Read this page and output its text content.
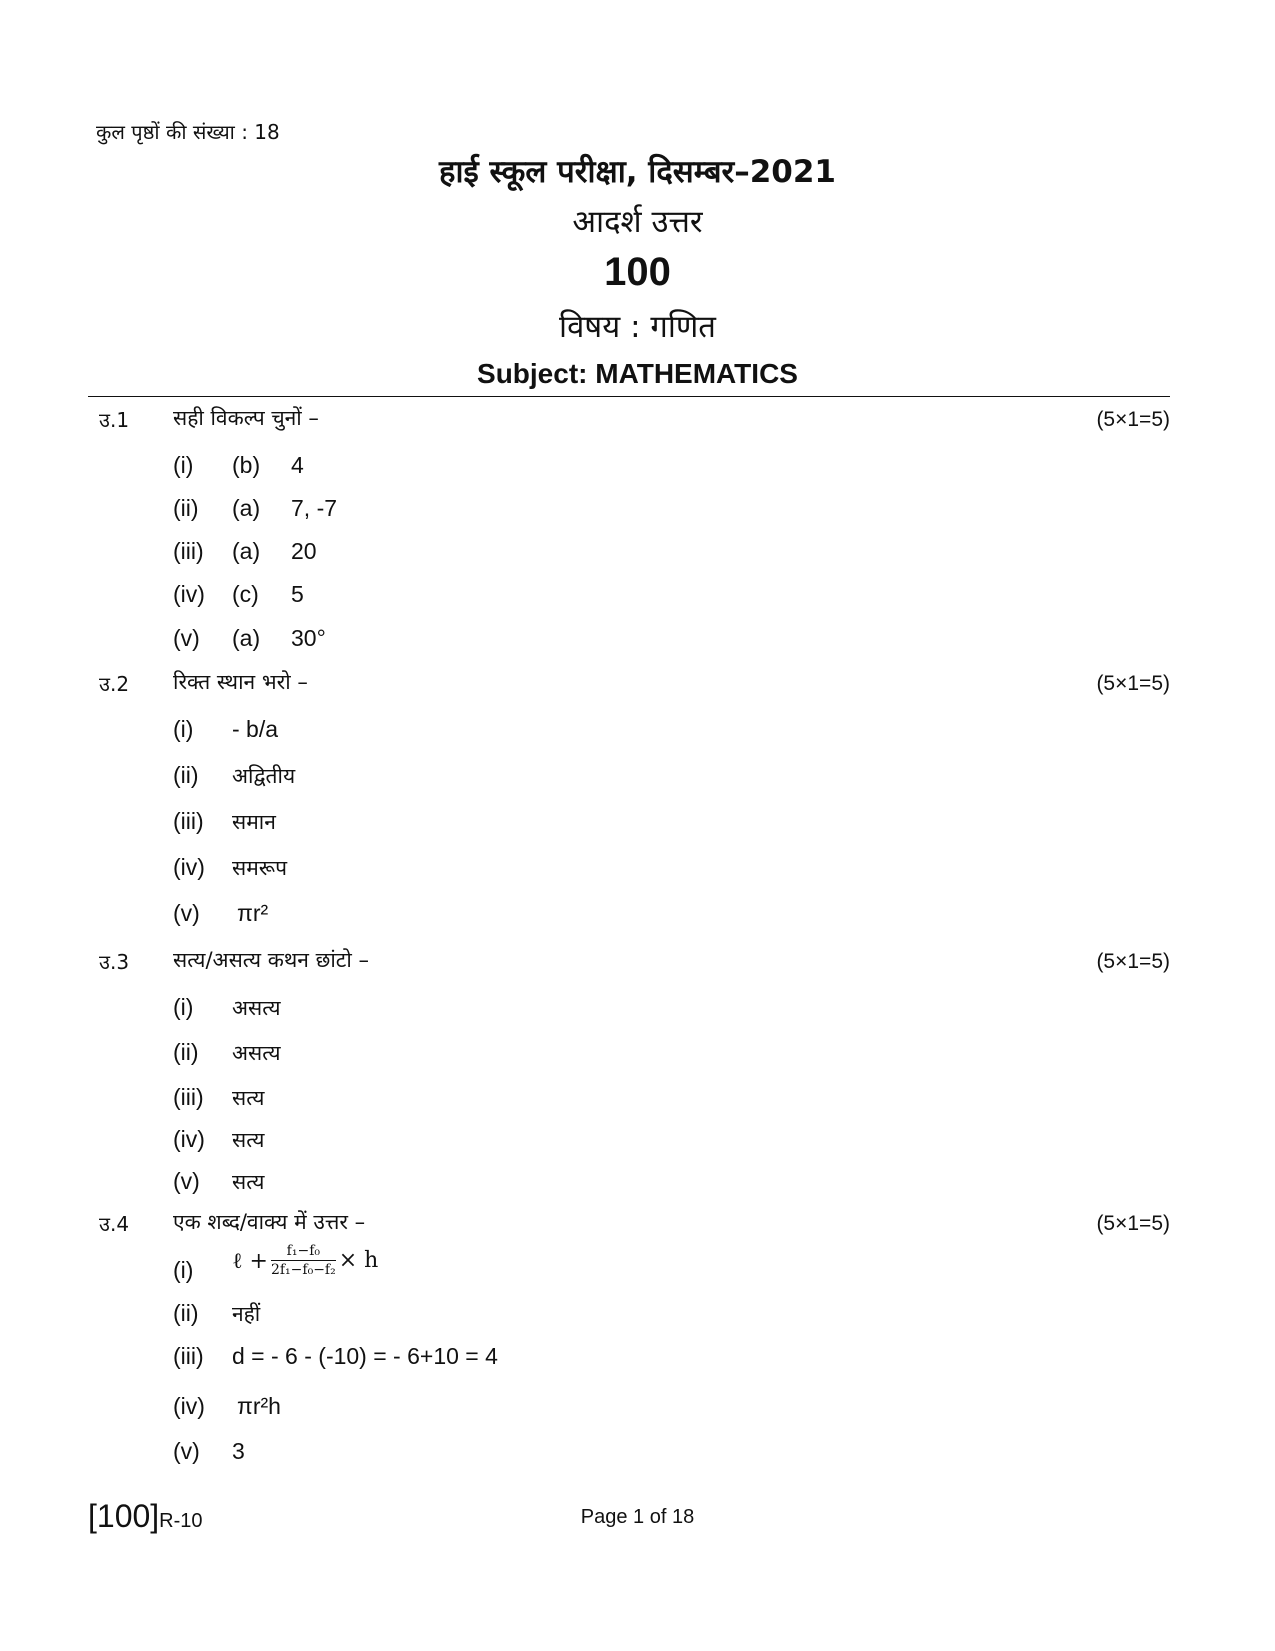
कुल पृष्ठों की संख्या : 18
हाई स्कूल परीक्षा, दिसम्बर–2021
आदर्श उत्तर
100
विषय : गणित
Subject: MATHEMATICS
उ.1 सही विकल्प चुनों –	(5×1=5)
(i) (b) 4
(ii) (a) 7, -7
(iii) (a) 20
(iv) (c) 5
(v) (a) 30°
उ.2 रिक्त स्थान भरो –	(5×1=5)
(i) - b/a
(ii) अद्वितीय
(iii) समान
(iv) समरूप
(v) πr²
उ.3 सत्य/असत्य कथन छांटो –	(5×1=5)
(i) असत्य
(ii) असत्य
(iii) सत्य
(iv) सत्य
(v) सत्य
उ.4 एक शब्द/वाक्य में उत्तर –	(5×1=5)
(i) ℓ + $\frac{\text{f₁−f₀}}{\text{2f₁−f₀−f₂}} \times h$
(ii) नहीं
(iii) d = - 6 - (-10) = - 6+10 = 4
(iv) πr²h
(v) 3
[100]R-10	Page 1 of 18
